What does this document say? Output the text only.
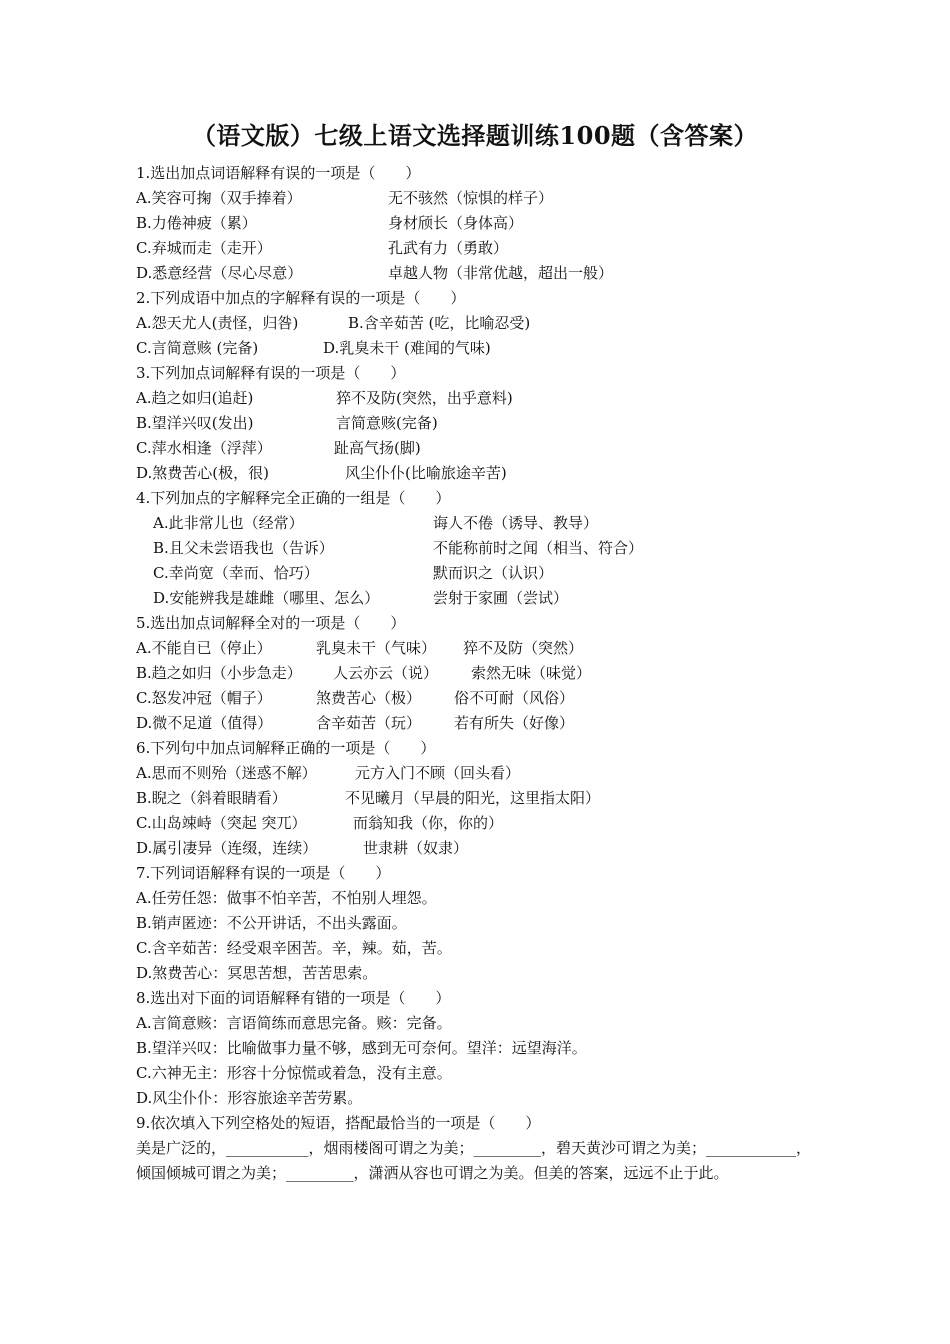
（语文版）七级上语文选择题训练100题（含答案）
1.选出加点词语解释有误的一项是（　　）
A.笑容可掬（双手捧着）	无不骇然（惊惧的样子）
B.力倦神疲（累）	身材颀长（身体高）
C.弃城而走（走开）	孔武有力（勇敢）
D.悉意经营（尽心尽意）	卓越人物（非常优越，超出一般）
2.下列成语中加点的字解释有误的一项是（　　）
A.怨天尤人(责怪，归咎)	B.含辛茹苦 (吃，比喻忍受)
C.言简意赅 (完备)	D.乳臭未干 (难闻的气味)
3.下列加点词解释有误的一项是（　　）
A.趋之如归(追赶)	猝不及防(突然，出乎意料)
B.望洋兴叹(发出)	言简意赅(完备)
C.萍水相逢（浮萍）	趾高气扬(脚)
D.煞费苦心(极，很)	风尘仆仆(比喻旅途辛苦)
4.下列加点的字解释完全正确的一组是（　　）
A.此非常儿也（经常）	诲人不倦（诱导、教导）
B.且父未尝语我也（告诉）	不能称前时之闻（相当、符合）
C.幸尚宽（幸而、恰巧）	默而识之（认识）
D.安能辨我是雄雌（哪里、怎么）	尝射于家圃（尝试）
5.选出加点词解释全对的一项是（　　）
A.不能自已（停止）	乳臭未干（气味） 猝不及防（突然）
B.趋之如归（小步急走） 人云亦云（说） 索然无味（味觉）
C.怒发冲冠（帽子）	煞费苦心（极） 俗不可耐（风俗）
D.微不足道（值得）	含辛茹苦（玩） 若有所失（好像）
6.下列句中加点词解释正确的一项是（　　）
A.思而不则殆（迷惑不解）	元方入门不顾（回头看）
B.睨之（斜着眼睛看）	不见曦月（早晨的阳光，这里指太阳）
C.山岛竦峙（突起 突兀）	而翁知我（你，你的）
D.属引凄异（连缀，连续）	世隶耕（奴隶）
7.下列词语解释有误的一项是（　　）
A.任劳任怨：做事不怕辛苦，不怕别人埋怨。
B.销声匿迹：不公开讲话，不出头露面。
C.含辛茹苦：经受艰辛困苦。辛，辣。茹，苦。
D.煞费苦心：冥思苦想，苦苦思索。
8.选出对下面的词语解释有错的一项是（　　）
A.言简意赅：言语简练而意思完备。赅：完备。
B.望洋兴叹：比喻做事力量不够，感到无可奈何。望洋：远望海洋。
C.六神无主：形容十分惊慌或着急，没有主意。
D.风尘仆仆：形容旅途辛苦劳累。
9.依次填入下列空格处的短语，搭配最恰当的一项是（　　）
美是广泛的，___________，烟雨楼阁可谓之为美；_________，碧天黄沙可谓之为美；____________，倾国倾城可谓之为美；_________，潇洒从容也可谓之为美。但美的答案，远远不止于此。
